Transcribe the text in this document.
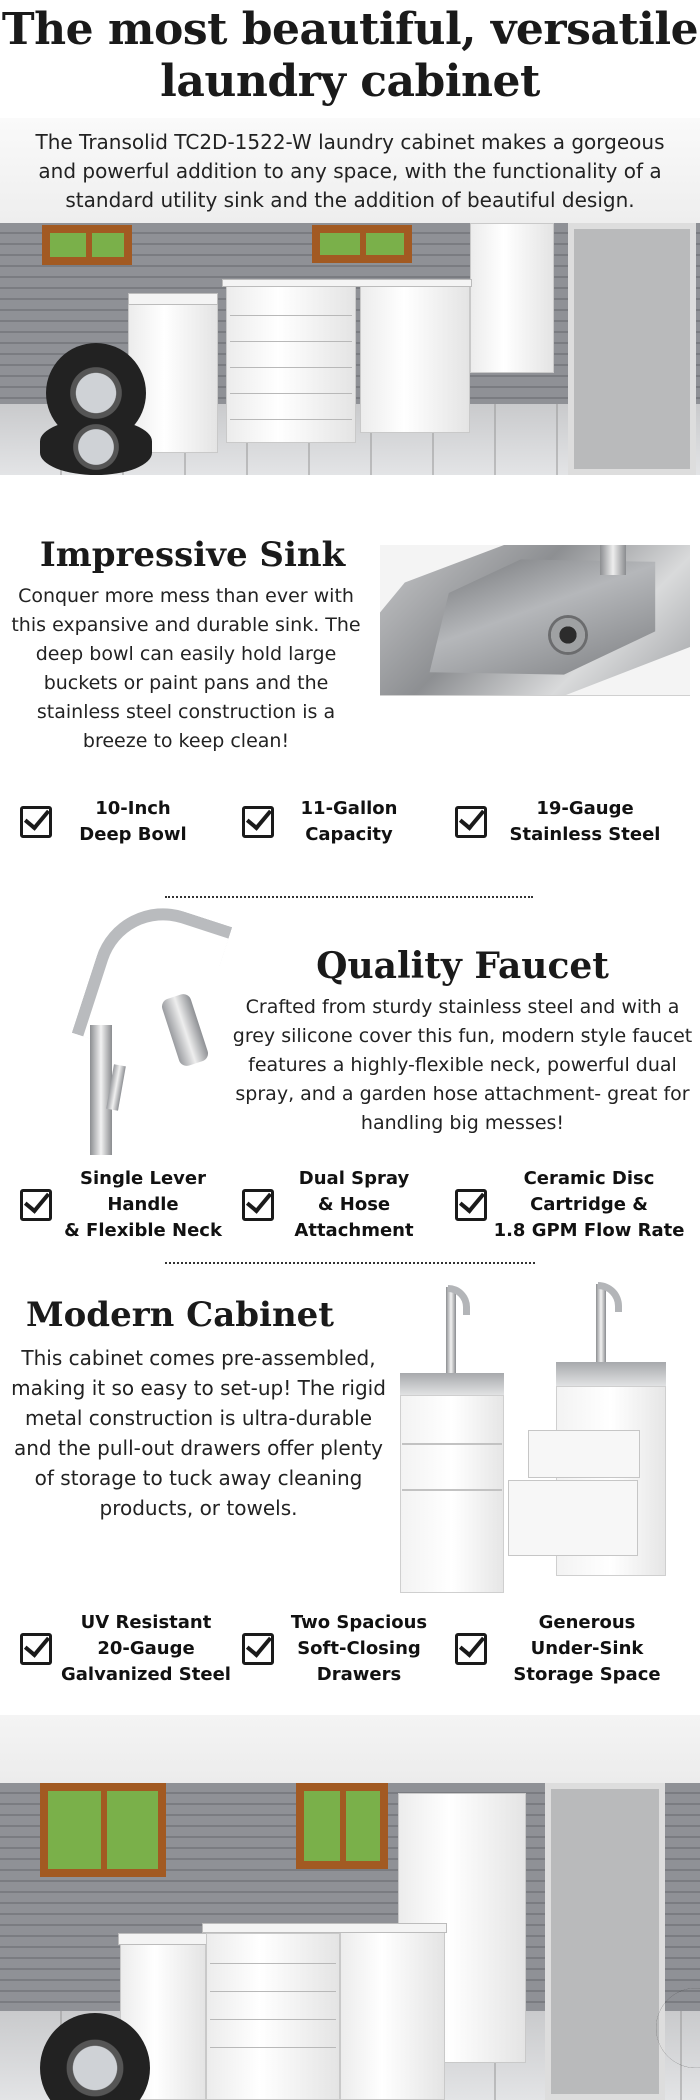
The most beautiful, versatile laundry cabinet

The Transolid TC2D-1522-W laundry cabinet makes a gorgeous and powerful addition to any space, with the functionality of a standard utility sink and the addition of beautiful design.

Impressive Sink

Conquer more mess than ever with this expansive and durable sink. The deep bowl can easily hold large buckets or paint pans and the stainless steel construction is a breeze to keep clean!

10-Inch
Deep Bowl
11-Gallon
Capacity
19-Gauge
Stainless Steel
Quality Faucet

Crafted from sturdy stainless steel and with a grey silicone cover this fun, modern style faucet features a highly-flexible neck, powerful dual spray, and a garden hose attachment- great for handling big messes!

Single Lever
Handle
& Flexible Neck
Dual Spray
& Hose
Attachment
Ceramic Disc
Cartridge &
1.8 GPM Flow Rate
Modern Cabinet

This cabinet comes pre-assembled, making it so easy to set-up! The rigid metal construction is ultra-durable and the pull-out drawers offer plenty of storage to tuck away cleaning products, or towels.

UV Resistant
20-Gauge
Galvanized Steel
Two Spacious
Soft-Closing
Drawers
Generous
Under-Sink
Storage Space
